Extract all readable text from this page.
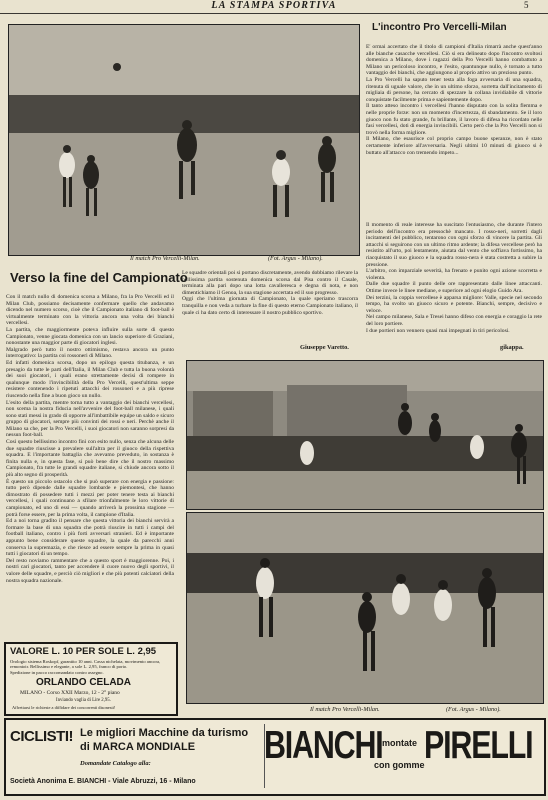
LA STAMPA SPORTIVA	5
Il match Pro Vercelli-Milan.	(Fot. Argus - Milano).
L'incontro Pro Vercelli-Milan
E' ormai accertato che il titolo di campioni d'Italia rimarrà anche quest'anno alle bianche casacche vercellesi. Ciò si era delineato dopo l'incontro svoltosi domenica a Milano, dove i ragazzi della Pro Vercelli hanno combattuto a Milano un pericoloso incontro, e l'esito, quantunque nullo, è tornato a tutto vantaggio dei bianchi, che aggiungono al proprio attivo un prezioso punto.
La Pro Vercelli ha saputo tener testa alla foga avversaria di una squadra, ritenuta di uguale valore, che in un ultimo sforzo, sorretta dall'incitamento di migliaia di persone, ha cercato di spezzare la collana invidiabile di vittorie conquistate facilmente prima e sapientemente dopo.
Il tanto atteso incontro i vercellesi l'hanno disputato con la solita flemma e nelle proprie forze: non un momento d'incertezza, di sbandamento. Se il loro giuoco non fu stato grande, fu brillante, il lavoro di difesa ha ricordato nelle fasi vercellesi, doti di energia invincibili. Certo però che la Pro Vercelli non si trovò nella forma migliore.
Il Milano, che esaurisce col proprio campo buone speranze, non è stato certamente inferiore all'avversaria. Negli ultimi 10 minuti di giuoco si è buttato all'attacco con tremendo impeto...
Il momento di reale interesse ha suscitato l'entusiasmo, che durante l'intero periodo dell'incontro era pressochè mancato. I rosso-neri, sorretti dagli incitamenti del pubblico, tentarono con ogni sforzo di vincere la partita. Gli attacchi si seguirono con un ultimo ritmo ardente; la difesa vercellese però ha resistito all'urto, poi lentamente, aiutata dal vento che soffiava fortissimo, ha riacquistato il suo giuoco e la squadra rosso-nera è stata costretta a subire la pressione.
L'arbitro, con imparziale severità, ha frenato e punito ogni azione scorretta e violenta.
Dalle due squadre il punto delle ore rappresentato dalle linee attaccanti. Ottime invece le linee mediane, e superiore ad ogni elogio Guido Ara.
Dei terzini, la coppia vercellese è apparsa migliore: Valle, specie nel secondo tempo, ha svolto un giuoco sicuro e potente. Bianchi, sempre, decisivo e veloce.
Nel campo milanese, Sala e Tresei hanno difeso con energia e coraggio la rete del loro portiere.
I due portieri non vennero quasi mai impegnati in tiri pericolosi.
gikappa.
Verso la fine del Campionato
Con il match nullo di domenica scorsa a Milano, fra la Pro Vercelli ed il Milan Club, possiamo decisamente confermare quello che andavamo dicendo nel numero scorso, cioè che il Campionato italiano di foot-ball è virtualmente terminato con la vittoria ancora una volta dei bianchi vercellesi.
La partita, che maggiormente poteva influire sulla sorte di questo Campionato, venne giocata domenica con un lancio superiore di Graziani, nonostante una maggior parte di giocatori inglesi.
Malgrado però tutto il nostro ottimismo, restava ancora un punto interrogativo: la partita coi rossoneri di Milano.
Ed infatti domenica scorsa, dopo un epilogo questa titubanza, e un presagio da tutte le parti dell'Italia, il Milan Club e tutta la buona volontà dei suoi giocatori, i quali erano strettamente decisi di rompere in qualunque modo l'invincibilità della Pro Vercelli, quest'ultima seppe resistere contenendo i ripetuti attacchi dei rossoneri e a più riprese riuscendo nella fine a buon gioco un nullo.
L'esito della partita, mentre torna tutto a vantaggio dei bianchi vercellesi, non scema la nostra fiducia nell'avvenire del foot-ball milanese, i quali sono stati messi in grado di opporre all'imbattibile equipe un saldo e sicuro gruppo di giocatori, sempre più convinti dei rossi e neri. Perchè anche il Milano sa che, per la Pro Vercelli, i suoi giocatori non saranno sorpresi da nessun foot-ball.
Così questo bellissimo incontro finì con esito nullo, senza che alcuna delle due squadre riuscisse a prevalere sull'altra per il giuoco della rispettiva squadra. E l'importante battaglia che avevamo preveduto, in sostanza è finita nulla e, in questa fase, si può bene dire che il nostro massimo Campionato, fra tutte le grandi squadre italiane, si chiude ancora sotto il più alto segno di prosperità.
È questo un piccolo ostacolo che si può superare con energia e passione: tutto però dipende dalle squadre lombarde e piemontesi, che hanno dimostrato di possedere tutti i mezzi per poter tenere testa ai bianchi vercellesi, i quali continuano a sfilare trionfalmente le loro vittorie di campionato, ed uno di essi — quando arriverà la prossima stagione — potrà forse essere, per la prima volta, il campione d'Italia.
Ed a noi torna gradito il pensare che questa vittoria dei bianchi servirà a formare la base di una squadra che potrà riuscire in tutti i campi del football italiano, contro i più forti avversari stranieri. Ed è importante appunto bene considerare queste squadre, la quale da parecchi anni conserva la supremazia, e che riesce ad essere sempre la prima in quasi tutti i giocatori di un tempo.
Del resto noviamo rammentare che a questo sport è maggiorenne. Poi, i nostri cari giocatori, tanto per accendere il cuore nuovo degli sportivi, il valore delle squadre, e perciò ciò migliori e che più potenti calciatori della nostra squadra nazionale.
Le squadre orientali poi si portano discretamente, avendo dobbiamo rilevare la bellissima partita sostenuta domenica scorsa dal Pisa contro il Casale, terminata alla pari dopo una lotta cavalleresca e degna di nota, e non dimentichiamo il Genoa, la sua stagione accertata ed il suo progresso.
Oggi che l'ultima giornata di Campionato, la quale speriamo trascorra tranquilla e non veda a turbare la fine di questo eterno Campionato italiano, il quale ci ha dato certo di interessare il nostro pubblico sportivo.
Giuseppe Varetto.
Il match Pro Vercelli-Milan.	(Fot. Argus - Milano).
VALORE L. 10 PER SOLE L. 2,95
Orologio sistema Roskopf, garantito 10 anni. Cassa nichelata, movimento ancora, remontoir. Bellissimo e elegante, a sole L. 2,95, franco di porto.
Spedizione in pacco raccomandato contro assegno.
ORLANDO CELADA
MILANO - Corso XXII Marzo, 12 - 2° piano
Inviando vaglia di Lire 2,95.
Affrettarsi le richieste a diffidare dei concorrenti disonesti!
CICLISTI! Le migliori Macchine da turismo di MARCA MONDIALE
Domandate Catalogo alla:
Società Anonima E. BIANCHI - Viale Abruzzi, 16 - Milano
BIANCHI montate
con gomme PIRELLI
